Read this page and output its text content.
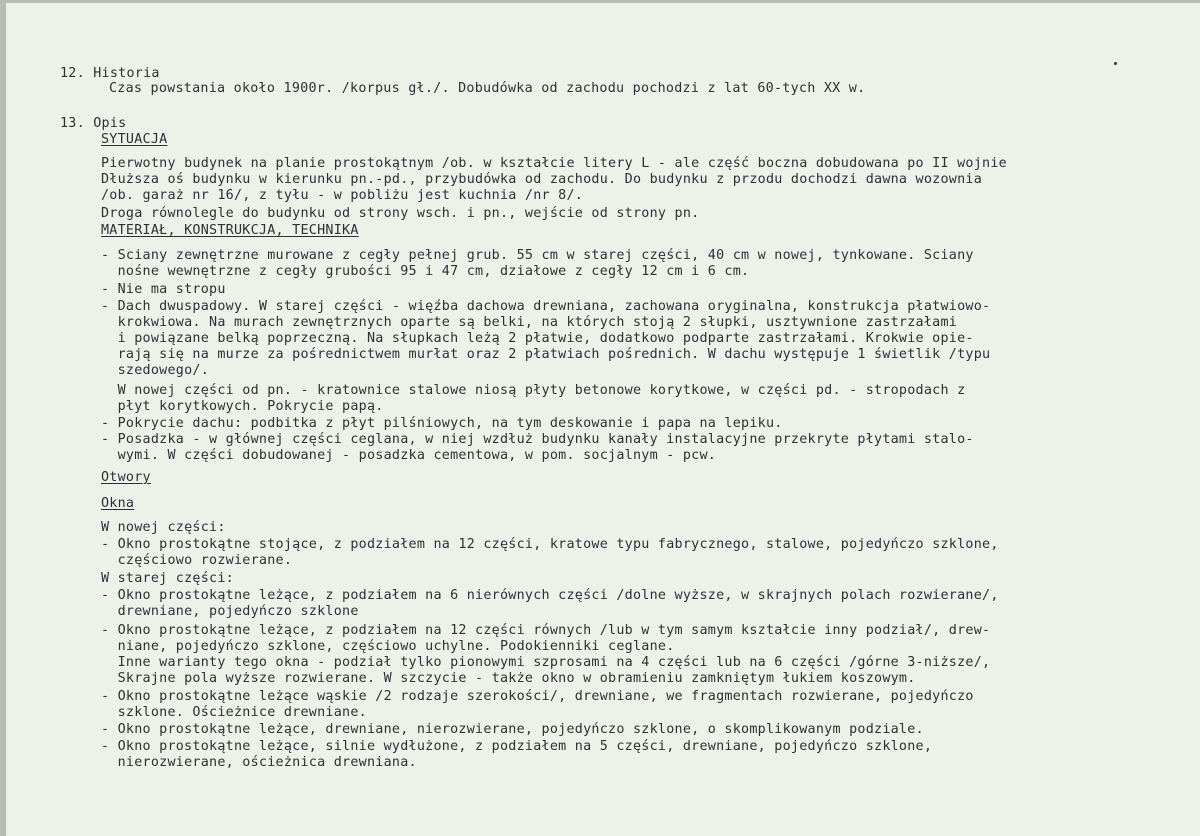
12. Historia
Czas powstania około 1900r. /korpus gł./. Dobudówka od zachodu pochodzi z lat 60-tych XX w.
13. Opis
SYTUACJA
Pierwotny budynek na planie prostokątnym /ob. w kształcie litery L - ale część boczna dobudowana po II wojnie
Dłuższa oś budynku w kierunku pn.-pd., przybudówka od zachodu. Do budynku z przodu dochodzi dawna wozownia
/ob. garaż nr 16/, z tyłu - w pobliżu jest kuchnia /nr 8/.
Droga równolegle do budynku od strony wsch. i pn., wejście od strony pn.
MATERIAŁ, KONSTRUKCJA, TECHNIKA
- Sciany zewnętrzne murowane z cegły pełnej grub. 55 cm w starej części, 40 cm w nowej, tynkowane. Sciany
nośne wewnętrzne z cegły grubości 95 i 47 cm, działowe z cegły 12 cm i 6 cm.
- Nie ma stropu
- Dach dwuspadowy. W starej części - więźba dachowa drewniana, zachowana oryginalna, konstrukcja płatwiowo-
krokwiowa. Na murach zewnętrznych oparte są belki, na których stoją 2 słupki, usztywnione zastrzałami
i powiązane belką poprzeczną. Na słupkach leżą 2 płatwie, dodatkowo podparte zastrzałami. Krokwie opie-
rają się na murze za pośrednictwem murłat oraz 2 płatwiach pośrednich. W dachu występuje 1 świetlik /typu
szedowego/.
W nowej części od pn. - kratownice stalowe niosą płyty betonowe korytkowe, w części pd. - stropodach z
płyt korytkowych. Pokrycie papą.
- Pokrycie dachu: podbitka z płyt pilśniowych, na tym deskowanie i papa na lepiku.
- Posadzka - w głównej części ceglana, w niej wzdłuż budynku kanały instalacyjne przekryte płytami stalo-
wymi. W części dobudowanej - posadzka cementowa, w pom. socjalnym - pcw.
Otwory
Okna
W nowej części:
- Okno prostokątne stojące, z podziałem na 12 części, kratowe typu fabrycznego, stalowe, pojedyńczo szklone,
częściowo rozwierane.
W starej części:
- Okno prostokątne leżące, z podziałem na 6 nierównych części /dolne wyższe, w skrajnych polach rozwierane/,
drewniane, pojedyńczo szklone
- Okno prostokątne leżące, z podziałem na 12 części równych /lub w tym samym kształcie inny podział/, drew-
niane, pojedyńczo szklone, częściowo uchylne. Podokienniki ceglane.
Inne warianty tego okna - podział tylko pionowymi szprosami na 4 części lub na 6 części /górne 3-niższe/,
Skrajne pola wyższe rozwierane. W szczycie - także okno w obramieniu zamkniętym łukiem koszowym.
- Okno prostokątne leżące wąskie /2 rodzaje szerokości/, drewniane, we fragmentach rozwierane, pojedyńczo
szklone. Ościeżnice drewniane.
- Okno prostokątne leżące, drewniane, nierozwierane, pojedyńczo szklone, o skomplikowanym podziale.
- Okno prostokątne leżące, silnie wydłużone, z podziałem na 5 części, drewniane, pojedyńczo szklone,
nierozwierane, ościeżnica drewniana.
